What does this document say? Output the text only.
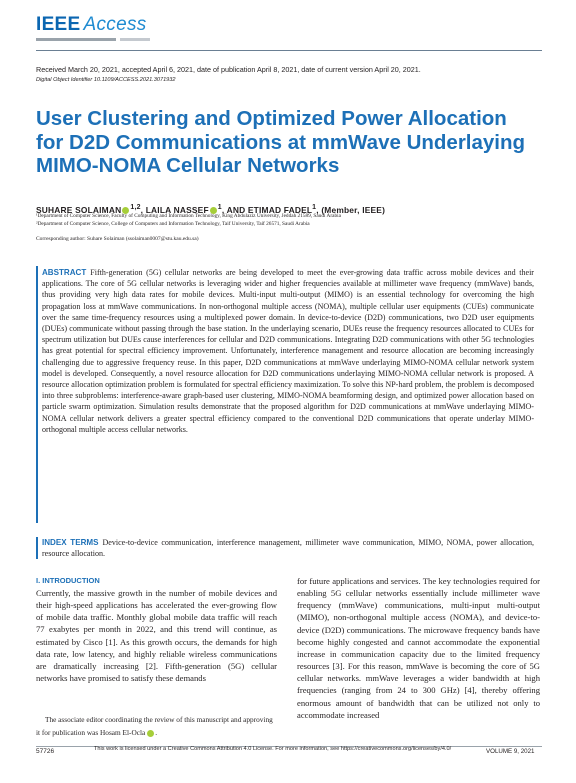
IEEE Access
Received March 20, 2021, accepted April 6, 2021, date of publication April 8, 2021, date of current version April 20, 2021.
Digital Object Identifier 10.1109/ACCESS.2021.3071932
User Clustering and Optimized Power Allocation for D2D Communications at mmWave Underlaying MIMO-NOMA Cellular Networks
SUHARE SOLAIMAN $^{1,2}$, LAILA NASSEF $^1$, AND ETIMAD FADEL$^1$, (Member, IEEE)
¹Department of Computer Science, Faculty of Computing and Information Technology, King Abdulaziz University, Jeddah 21589, Saudi Arabia
²Department of Computer Science, College of Computers and Information Technology, Taif University, Taif 26571, Saudi Arabia
Corresponding author: Suhare Solaiman (ssolaiman0007@stu.kau.edu.sa)
ABSTRACT Fifth-generation (5G) cellular networks are being developed to meet the ever-growing data traffic across mobile devices and their applications. The core of 5G cellular networks is leveraging wider and higher frequencies available at millimeter wave frequency (mmWave) bands, thus providing very high data rates for mobile devices. Multi-input multi-output (MIMO) is an essential technology for overcoming the high propagation loss at mmWave communications. In non-orthogonal multiple access (NOMA), multiple cellular user equipments (CUEs) communicate over the same time-frequency resources using a multiplexed power domain. In device-to-device (D2D) communications, two D2D user equipments (DUEs) communicate without passing through the base station. In the underlaying scenario, DUEs reuse the frequency resources allocated to CUEs for spectrum utilization but DUEs cause interferences for cellular and D2D communications. Integrating D2D communications with other 5G technologies has great potential for spectral efficiency improvement. Unfortunately, interference management and resource allocation are becoming increasingly challenging due to aggressive frequency reuse. In this paper, D2D communications at mmWave underlaying MIMO-NOMA cellular network system model is developed. Consequently, a novel resource allocation for D2D communications underlaying MIMO-NOMA cellular network is proposed. A resource allocation optimization problem is formulated for spectral efficiency maximization. To solve this NP-hard problem, the problem is decomposed into three subproblems: interference-aware graph-based user clustering, MIMO-NOMA beamforming design, and optimized power allocation based on particle swarm optimization. Simulation results demonstrate that the proposed algorithm for D2D communications at mmWave underlaying MIMO-NOMA cellular network delivers a greater spectral efficiency compared to the conventional D2D communications that operate underlay MIMO-orthogonal multiple access cellular networks.
INDEX TERMS Device-to-device communication, interference management, millimeter wave communication, MIMO, NOMA, power allocation, resource allocation.
I. INTRODUCTION
Currently, the massive growth in the number of mobile devices and their high-speed applications has accelerated the ever-growing flow of mobile data traffic. Monthly global mobile data traffic will reach 77 exabytes per month in 2022, and this trend will continue, as estimated by Cisco [1]. As this growth occurs, the demands for high data rate, low latency, and highly reliable wireless communications are dramatically increasing [2]. Fifth-generation (5G) cellular networks have promised to satisfy these demands
for future applications and services. The key technologies required for enabling 5G cellular networks essentially include millimeter wave frequency (mmWave) communications, multi-input multi-output (MIMO), non-orthogonal multiple access (NOMA), and device-to-device (D2D) communications. The microwave frequency bands have become highly congested and cannot accommodate the exponential increase in communication capacity due to the limited frequency resources [3]. For this reason, mmWave is becoming the core of 5G cellular networks. mmWave leverages a wider bandwidth at high frequencies (ranging from 24 to 300 GHz) [4], thereby offering enormous amount of bandwidth that can be utilized not only to accommodate increased
The associate editor coordinating the review of this manuscript and approving it for publication was Hosam El-Ocla .
57726	This work is licensed under a Creative Commons Attribution 4.0 License. For more information, see https://creativecommons.org/licenses/by/4.0/	VOLUME 9, 2021
